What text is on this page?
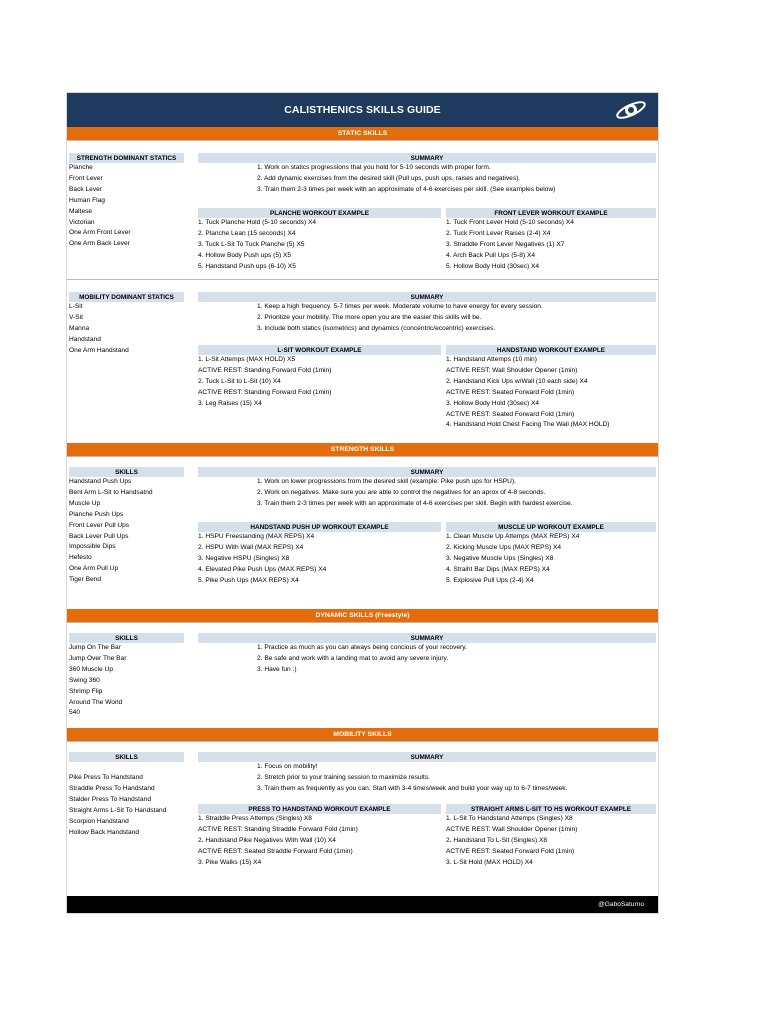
CALISTHENICS SKILLS GUIDE
STATIC SKILLS
STRENGTH DOMINANT STATICS
Planche
Front Lever
Back Lever
Human Flag
Maltese
Victorian
One Arm Front Lever
One Arm Back Lever
SUMMARY
1. Work on statics progressions that you hold for 5-10 seconds with proper form.
2. Add dynamic exercises from the desired skill (Pull ups, push ups, raises and negatives).
3. Train them 2-3 times per week with an approximate of 4-6 exercises per skill. (See examples below)
PLANCHE WORKOUT EXAMPLE
1. Tuck Planche Hold (5-10 seconds) X4
2. Planche Lean (15 seconds) X4
3. Tuck L-Sit To Tuck Planche (5) X5
4. Hollow Body Push ups (5) X5
5. Handstand Push ups (6-10) X5
FRONT LEVER WORKOUT EXAMPLE
1. Tuck Front Lever Hold (5-10 seconds) X4
2. Tuck Front Lever Raises (2-4) X4
3. Straddle Front Lever Negatives (1) X7
4. Arch Back Pull Ups (5-8) X4
5. Hollow Body Hold (30sec) X4
MOBILITY DOMINANT STATICS
L-Sit
V-Sit
Manna
Handstand
One Arm Handstand
SUMMARY
1. Keep a high frequency. 5-7 times per week. Moderate volume to have energy for every session.
2. Prioritize your mobility. The more open you are the easier this skills will be.
3. Include both statics (isometrics) and dynamics (concentric/eccentric) exercises.
L-SIT WORKOUT EXAMPLE
1. L-Sit Attemps (MAX HOLD) X5
ACTIVE REST: Standing Forward Fold (1min)
2. Tuck L-Sit to L-Sit (10) X4
ACTIVE REST: Standing Forward Fold (1min)
3. Leg Raises (15) X4
HANDSTAND WORKOUT EXAMPLE
1. Handstand Attemps (10 min)
ACTIVE REST: Wall Shoulder Opener (1min)
2. Handstand Kick Ups w/Wall (10 each side) X4
ACTIVE REST: Seated Forward Fold (1min)
3. Hollow Body Hold (30sec) X4
ACTIVE REST: Seated Forward Fold (1min)
4. Handstand Hold Chest Facing The Wall (MAX HOLD)
STRENGTH SKILLS
SKILLS
Handstand Push Ups
Bent Arm L-Sit to Handsatnd
Muscle Up
Planche Push Ups
Front Lever Pull Ups
Back Lever Pull Ups
Impossible Dips
Hefesto
One Arm Pull Up
Tiger Bend
SUMMARY
1. Work on lower progressions from the desired skill (example: Pike push ups for HSPU).
2. Work on negatives. Make sure you are able to control the negatives for an aprox of 4-8 seconds.
3. Train them 2-3 times per week with an approximate of 4-6 exercises per skill. Begin with hardest exercise.
HANDSTAND PUSH UP WORKOUT EXAMPLE
1. HSPU Freestanding (MAX REPS) X4
2. HSPU With Wall (MAX REPS) X4
3. Negative HSPU (Singles) X8
4. Elevated Pike Push Ups (MAX REPS) X4
5. Pike Push Ups (MAX REPS) X4
MUSCLE UP WORKOUT EXAMPLE
1. Clean Muscle Up Attemps (MAX REPS) X4
2. Kicking Muscle Ups (MAX REPS) X4
3. Negative Muscle Ups (Singles) X8
4. Straiht Bar Dips (MAX REPS) X4
5. Explosive Pull Ups (2-4) X4
DYNAMIC SKILLS (Freestyle)
SKILLS
Jump On The Bar
Jump Over The Bar
360 Muscle Up
Swing 360
Shrimp Flip
Around The World
540
SUMMARY
1. Practice as much as you can always being concious of your recovery.
2. Be safe and work with a landing mat to avoid any severe injury.
3. Have fun :)
MOBILITY SKILLS
SKILLS
Pike Press To Handstand
Straddle Press To Handstand
Stalder Press To Handstand
Straight Arms L-Sit To Handstand
Scorpion Handstand
Hollow Back Handstand
SUMMARY
1. Focus on mobility!
2. Stretch prior to your training session to maximize results.
3. Train them as frequently as you can. Start with 3-4 times/week and build your way up to 6-7 times/week.
PRESS TO HANDSTAND WORKOUT EXAMPLE
1. Straddle Press Attemps (Singles) X8
ACTIVE REST: Standing Straddle Forward Fold (1min)
2. Handstand Pike Negatives With Wall (10) X4
ACTIVE REST: Seated Straddle Forward Fold (1min)
3. Pike Walks (15) X4
STRAIGHT ARMS L-SIT TO HS WORKOUT EXAMPLE
1. L-Sit To Handstand Attemps (Singles) X8
ACTIVE REST: Wall Shoulder Opener (1min)
2. Handstand To L-Sit (Singles) X8
ACTIVE REST: Seated Forward Fold (1min)
3. L-Sit Hold (MAX HOLD) X4
@GaboSaturno
